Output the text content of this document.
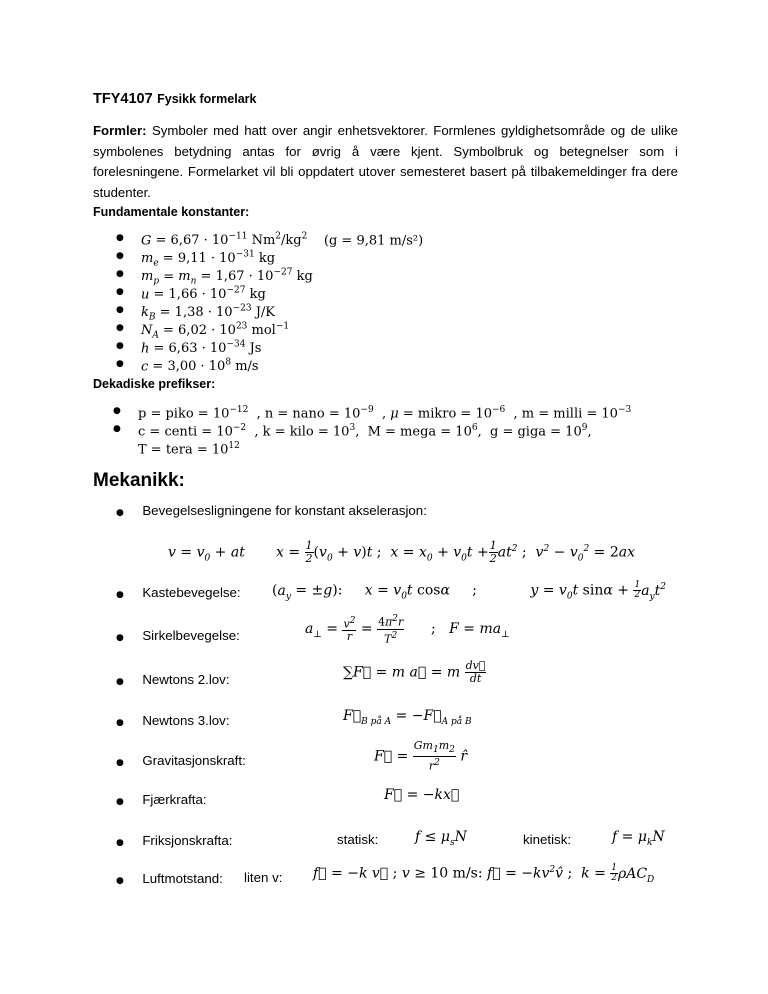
TFY4107 Fysikk formelark
Formler: Symboler med hatt over angir enhetsvektorer. Formlenes gyldighetsområde og de ulike symbolenes betydning antas for øvrig å være kjent. Symbolbruk og betegnelser som i forelesningene. Formelarket vil bli oppdatert utover semesteret basert på tilbakemeldinger fra dere studenter.
Fundamentale konstanter:
● $G = 6,67 \cdot 10^{-11}$ $Nm^2/kg^2$ (g = 9,81 m/s²)
● $m_e = 9,11 \cdot 10^{-31}$ kg
● $m_p = m_n = 1,67 \cdot 10^{-27}$ kg
● $u = 1,66 \cdot 10^{-27}$ kg
● $k_B = 1,38 \cdot 10^{-23}$ J/K
● $N_A = 6,02 \cdot 10^{23}$ mol$^{-1}$
● $h = 6,63 \cdot 10^{-34}$ Js
● $c = 3,00 \cdot 10^8$ m/s
Dekadiske prefikser:
● p = piko = $10^{-12}$  , n = nano = $10^{-9}$  , μ = mikro = $10^{-6}$  , m = milli = $10^{-3}$
● c = centi = $10^{-2}$  , k = kilo = $10^3$,  M = mega = $10^6$,  g = giga = $10^9$,
T = tera = $10^{12}$
Mekanikk:
● Bevegelsesligningene for konstant akselerasjon:
$v = v_0$ + at $x = \frac{1}{2} (v_0 + v)t$ ; $x = x_0 + v_0t + \frac{1}{2} at^2$ ; $v^2 - v_0^2 = 2ax$
● Kastebevegelse: $(a_y = \pm g)$: $x = v_0t$ cosα ;	$y = v_0t$ $\sin\alpha + \frac{1}{2} a_yt^2$
● Sirkelbevegelse:	$a_\perp = \frac{v^2}{r} = \frac{4\pi^2r}{T^2}$ ; $F = ma_\perp$
● Newtons 2.lov:	∑F⃗ = m a⃗ = m $\frac{dv⃗}{dt}$
● Newtons 3.lov:	$F⃗_{B på A}$ = $-F⃗_{A på B}$
● Gravitasjonskraft:	F⃗ = $\frac{Gm_1m_2}{r^2}$ r̂
● Fjærkrafta:	F⃗ = −kx⃗
● Friksjonskrafta:	statisk:	$f \le \mu_sN$	kinetisk:	$f = \mu_kN$
● Luftmotstand: liten v: f⃗ = −k v⃗ ; v ≥ 10 m/s: f⃗ = $-kv^2v̂$ ; $k = \frac{1}{2} \rho AC_D$
